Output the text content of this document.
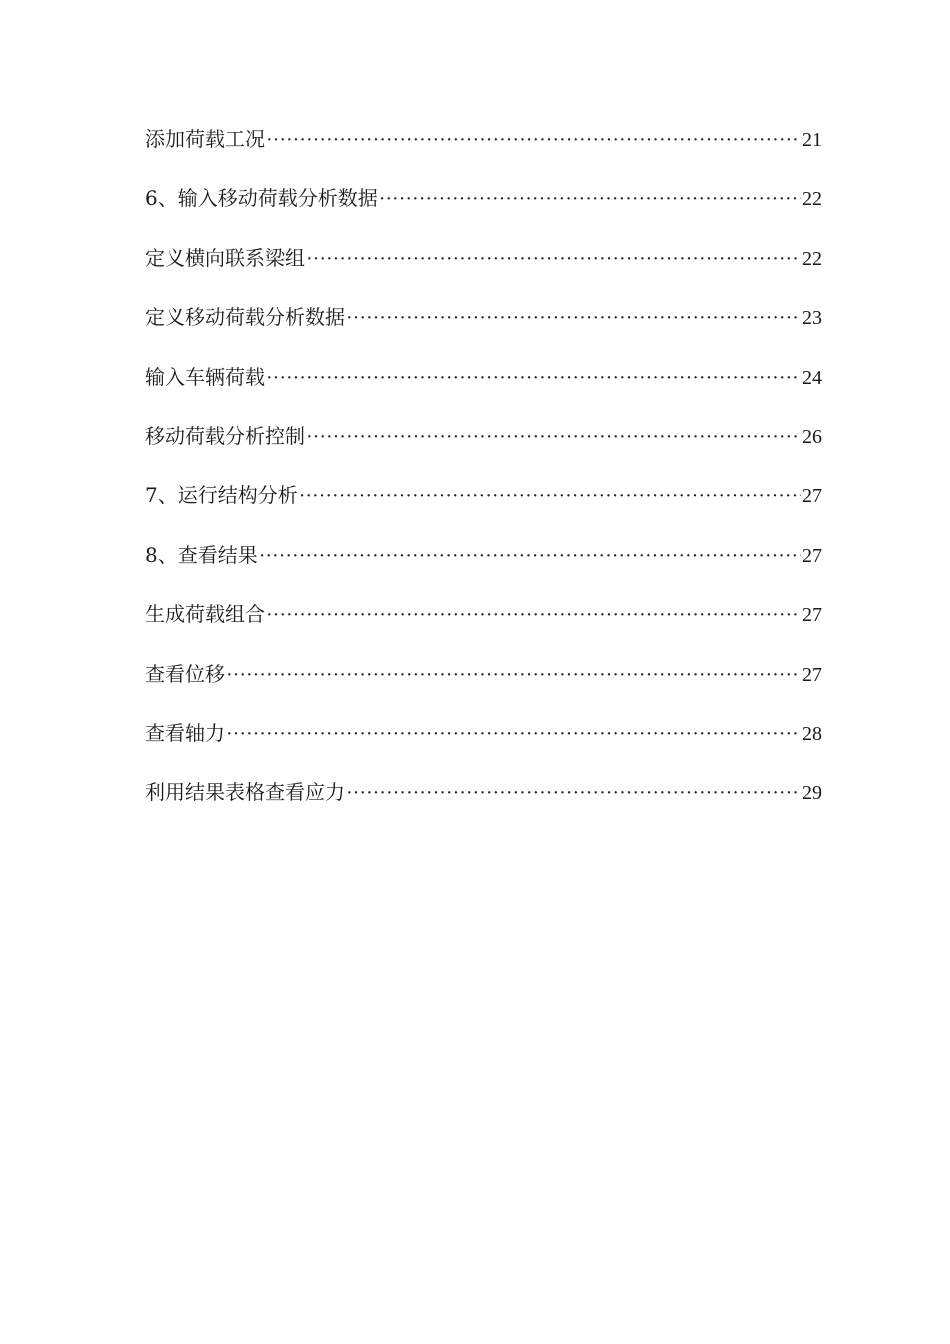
添加荷载工况 ·····	21
6、输入移动荷载分析数据 ·····	22
定义横向联系梁组 ·····	22
定义移动荷载分析数据 ·····	23
输入车辆荷载 ·····	24
移动荷载分析控制 ·····	26
7、运行结构分析 ·····	27
8、查看结果 ·····	27
生成荷载组合 ·····	27
查看位移 ·····	27
查看轴力 ·····	28
利用结果表格查看应力 ·····	29
